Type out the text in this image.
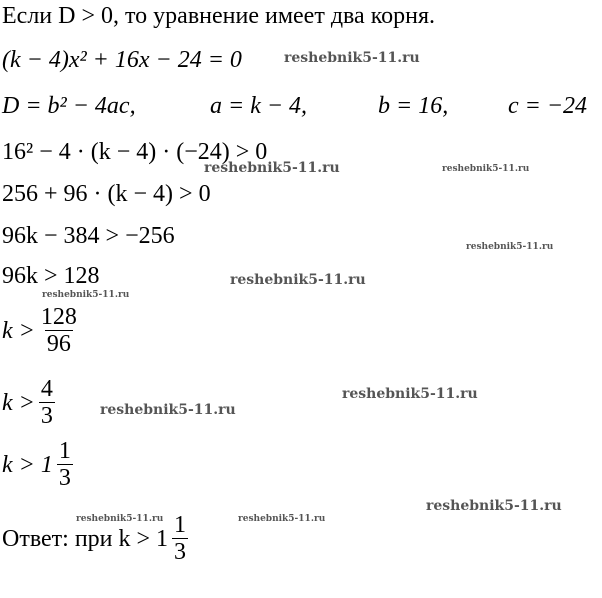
Если D > 0, то уравнение имеет два корня.
(k − 4)x² + 16x − 24 = 0
D = b² − 4ac,	a = k − 4,	b = 16, c = −24
16² − 4 · (k − 4) · (−24) > 0
256 + 96 · (k − 4) > 0
96k − 384 > −256
96k > 128
$k > \frac{128}{96}$
$k > \frac{4}{3}$
$k > 1 \frac{1}{3}$
Ответ: при $k > 1 \frac{1}{3}$
reshebnik5-11.ru
reshebnik5-11.ru	reshebnik5-11.ru
reshebnik5-11.ru
reshebnik5-11.ru
reshebnik5-11.ru
reshebnik5-11.ru
reshebnik5-11.ru
reshebnik5-11.ru
reshebnik5-11.ru	reshebnik5-11.ru
